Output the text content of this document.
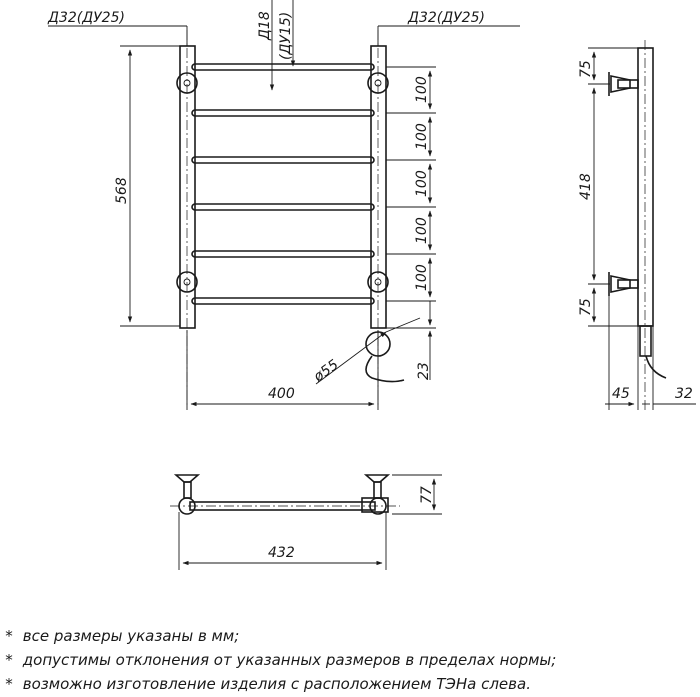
Д32(ДУ25)	Д32(ДУ25)
Д18 (ДУ15)
568
100
100
100
100
100
23
ø55
400
75
418
75
45	32
77
432
* все размеры указаны в мм;
* допустимы отклонения от указанных размеров в пределах нормы;
* возможно изготовление изделия с расположением ТЭНа слева.
